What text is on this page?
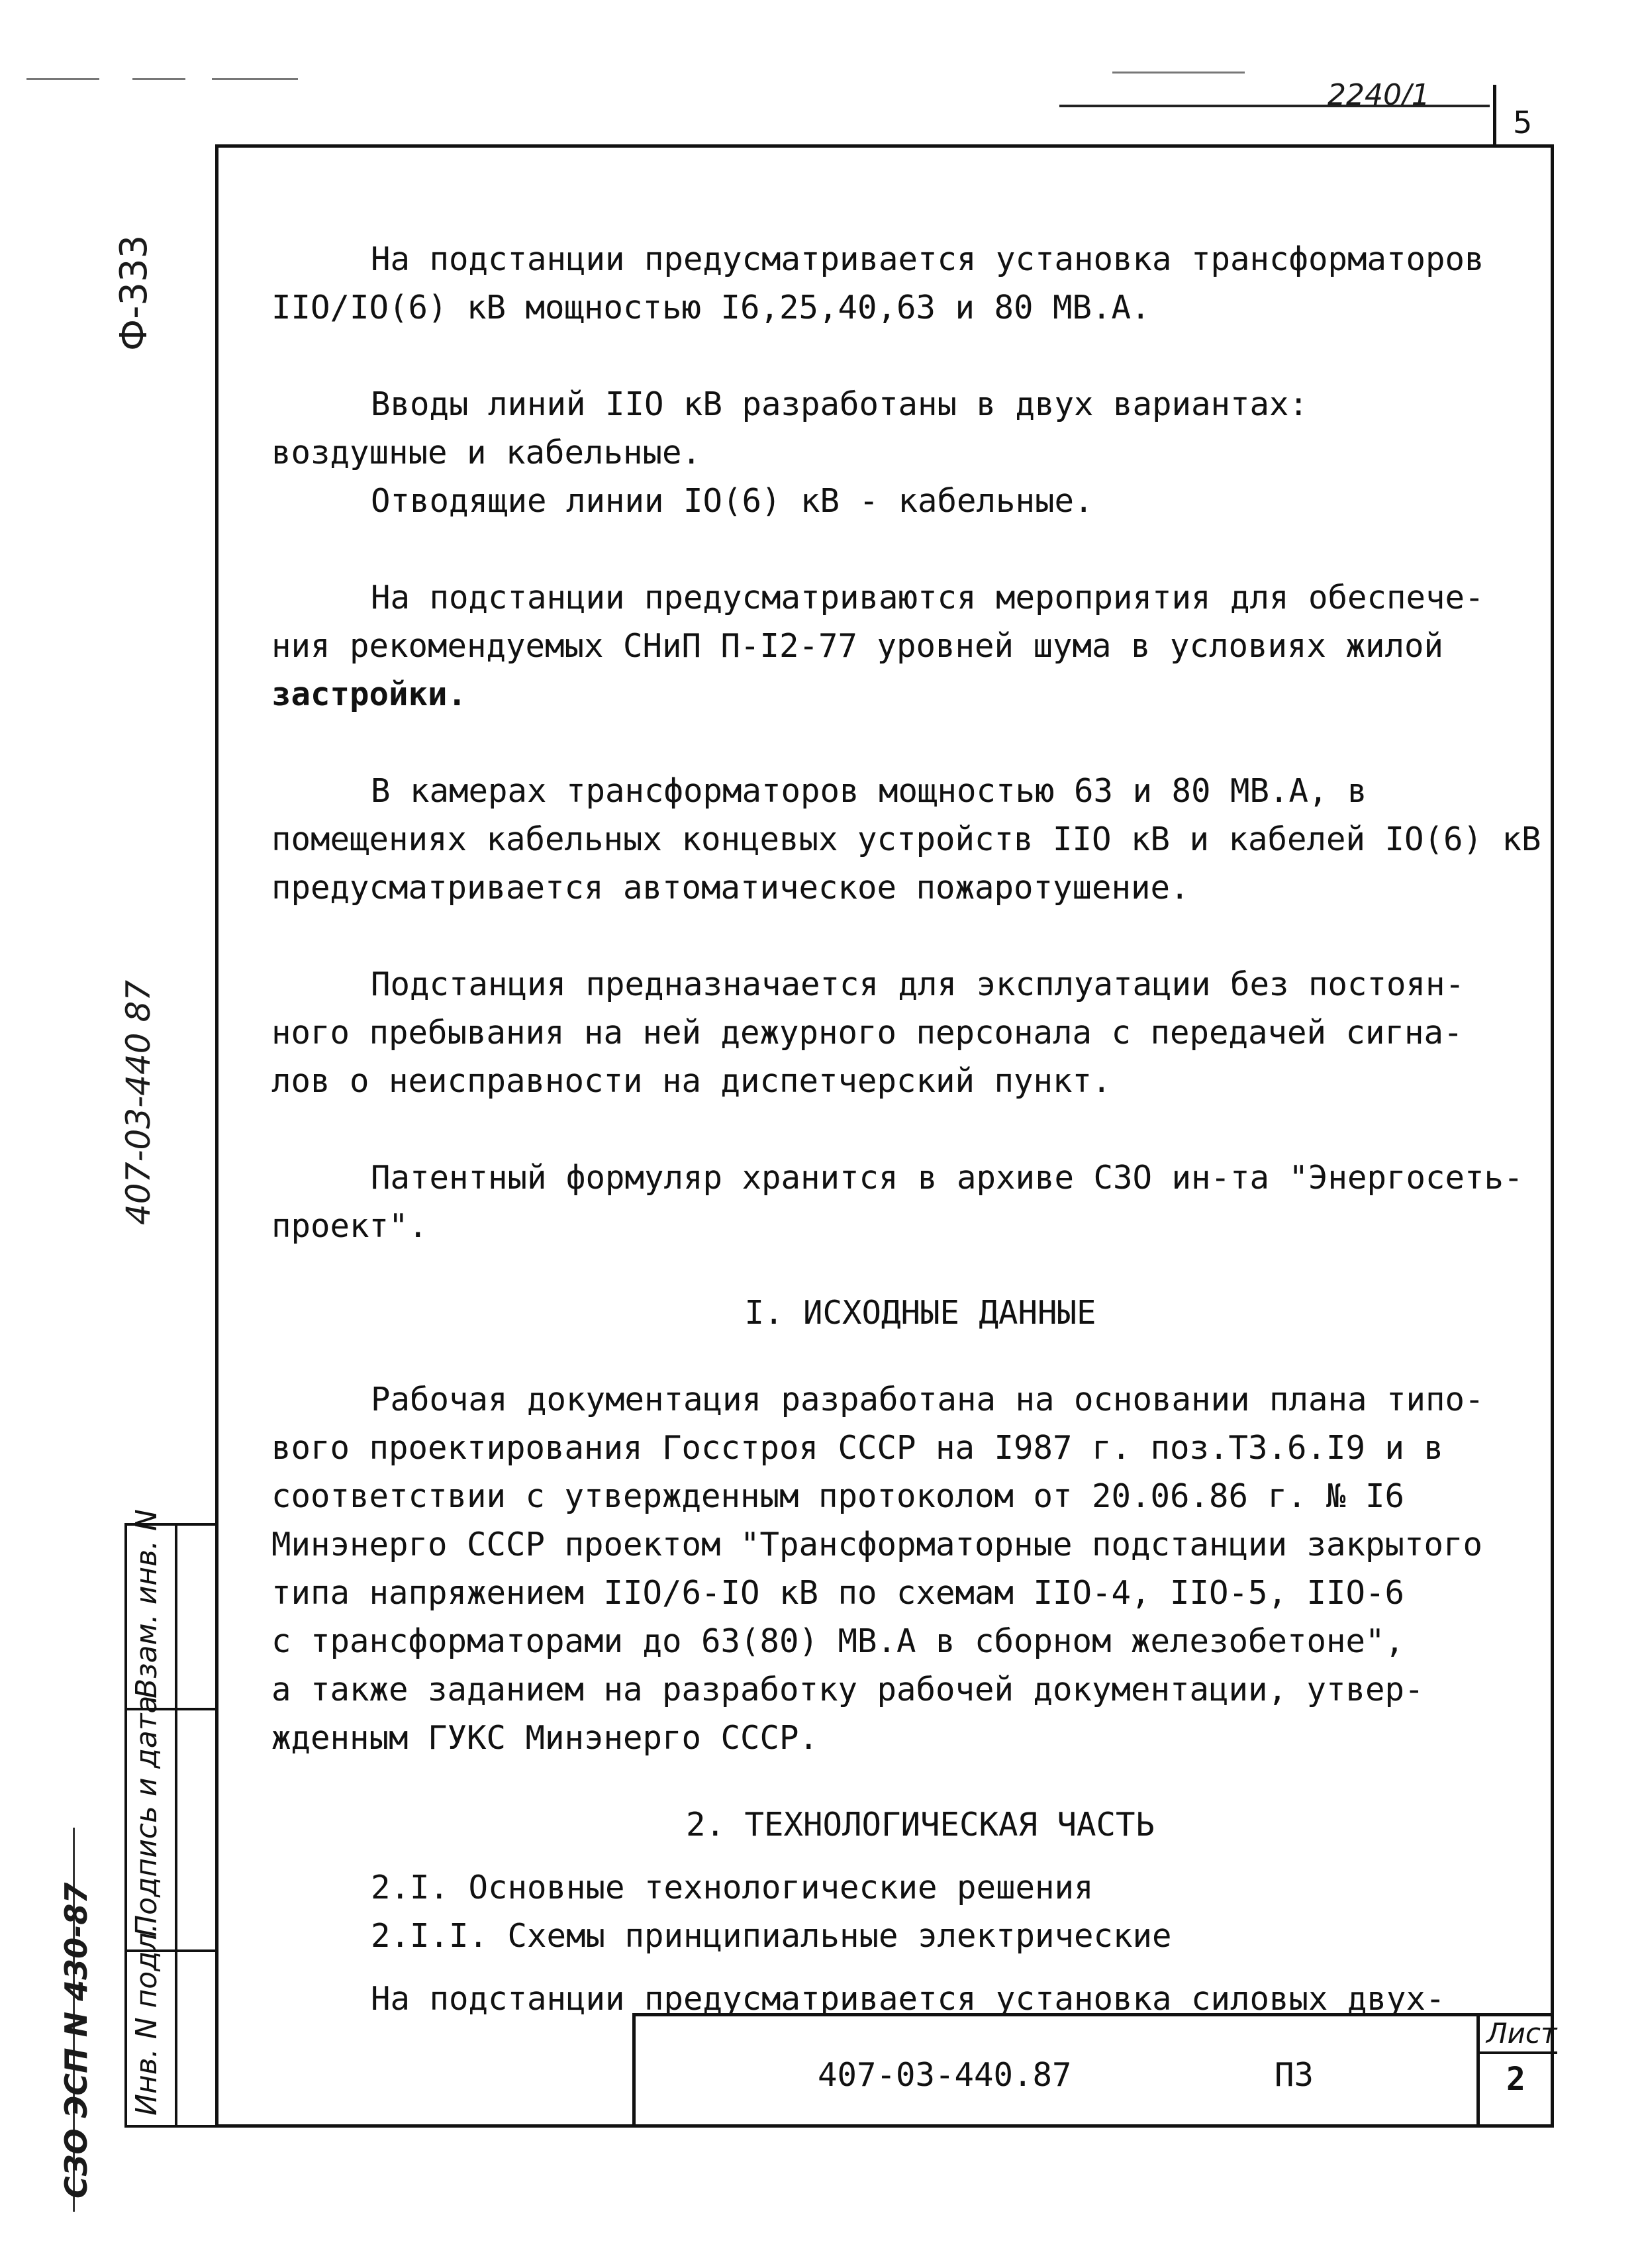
2240/1
5
Ф-333
407-03-440 87

На подстанции предусматривается установка трансформаторов

IIO/IO(6) кВ мощностью I6,25,40,63 и 80 МВ.А.

Вводы линий IIO кВ разработаны в двух вариантах:

воздушные и кабельные.

Отводящие линии IO(6) кВ - кабельные.

На подстанции предусматриваются мероприятия для обеспече-

ния рекомендуемых СНиП П-I2-77 уровней шума в условиях жилой

застройки.

В камерах трансформаторов мощностью 63 и 80 МВ.А, в

помещениях кабельных концевых устройств IIO кВ и кабелей IO(6) кВ

предусматривается автоматическое пожаротушение.

Подстанция предназначается для эксплуатации без постоян-

ного пребывания на ней дежурного персонала с передачей сигна-

лов о неисправности на диспетчерский пункт.

Патентный формуляр хранится в архиве СЗО ин-та "Энергосеть-

проект".

I. ИСХОДНЫЕ ДАННЫЕ

Рабочая документация разработана на основании плана типо-

вого проектирования Госстроя СССР на I987 г. поз.ТЗ.6.I9 и в

соответствии с утвержденным протоколом от 20.06.86 г. № I6

Минэнерго СССР проектом "Трансформаторные подстанции закрытого

типа напряжением IIO/6-IO кВ по схемам IIO-4, IIO-5, IIO-6

с трансформаторами до 63(80) МВ.А в сборном железобетоне",

а также заданием на разработку рабочей документации, утвер-

жденным ГУКС Минэнерго СССР.

2. ТЕХНОЛОГИЧЕСКАЯ ЧАСТЬ

2.I. Основные технологические решения

2.I.I. Схемы принципиальные электрические

На подстанции предусматривается установка силовых двух-

407-03-440.87	ПЗ
Лист
2
Инв. N подл.
Подпись и дата
Взам. инв. N
СЗО ЭСП N 430-87
